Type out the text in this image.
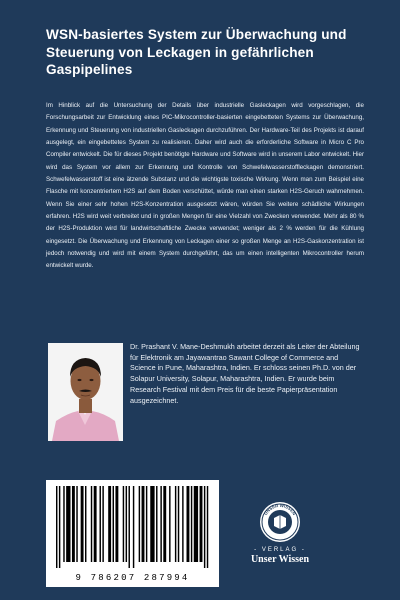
WSN-basiertes System zur Überwachung und Steuerung von Leckagen in gefährlichen Gaspipelines
Im Hinblick auf die Untersuchung der Details über industrielle Gasleckagen wird vorgeschlagen, die Forschungsarbeit zur Entwicklung eines PIC-Mikrocontroller-basierten eingebetteten Systems zur Überwachung, Erkennung und Steuerung von industriellen Gasleckagen durchzuführen. Der Hardware-Teil des Projekts ist darauf ausgelegt, ein eingebettetes System zu realisieren. Daher wird auch die erforderliche Software in Micro C Pro Compiler entwickelt. Die für dieses Projekt benötigte Hardware und Software wird in unserem Labor entwickelt. Hier wird das System vor allem zur Erkennung und Kontrolle von Schwefelwasserstoffleckagen demonstriert. Schwefelwasserstoff ist eine ätzende Substanz und die wichtigste toxische Wirkung. Wenn man zum Beispiel eine Flasche mit konzentriertem H2S auf dem Boden verschüttet, würde man einen starken H2S-Geruch wahrnehmen. Wenn Sie einer sehr hohen H2S-Konzentration ausgesetzt wären, würden Sie weitere schädliche Wirkungen erfahren. H2S wird weit verbreitet und in großen Mengen für eine Vielzahl von Zwecken verwendet. Mehr als 80 % der H2S-Produktion wird für landwirtschaftliche Zwecke verwendet; weniger als 2 % werden für die Kühlung eingesetzt. Die Überwachung und Erkennung von Leckagen einer so großen Menge an H2S-Gaskonzentration ist jedoch notwendig und wird mit einem System durchgeführt, das um einen intelligenten Mikrocontroller herum entwickelt wurde.
Dr. Prashant V. Mane-Deshmukh arbeitet derzeit als Leiter der Abteilung für Elektronik am Jayawantrao Sawant College of Commerce and Science in Pune, Maharashtra, Indien. Er schloss seinen Ph.D. von der Solapur University, Solapur, Maharashtra, Indien. Er wurde beim Research Festival mit dem Preis für die beste Papierpräsentation ausgezeichnet.
9 786207 287994
UNSER WISSEN
- VERLAG -
Unser Wissen
